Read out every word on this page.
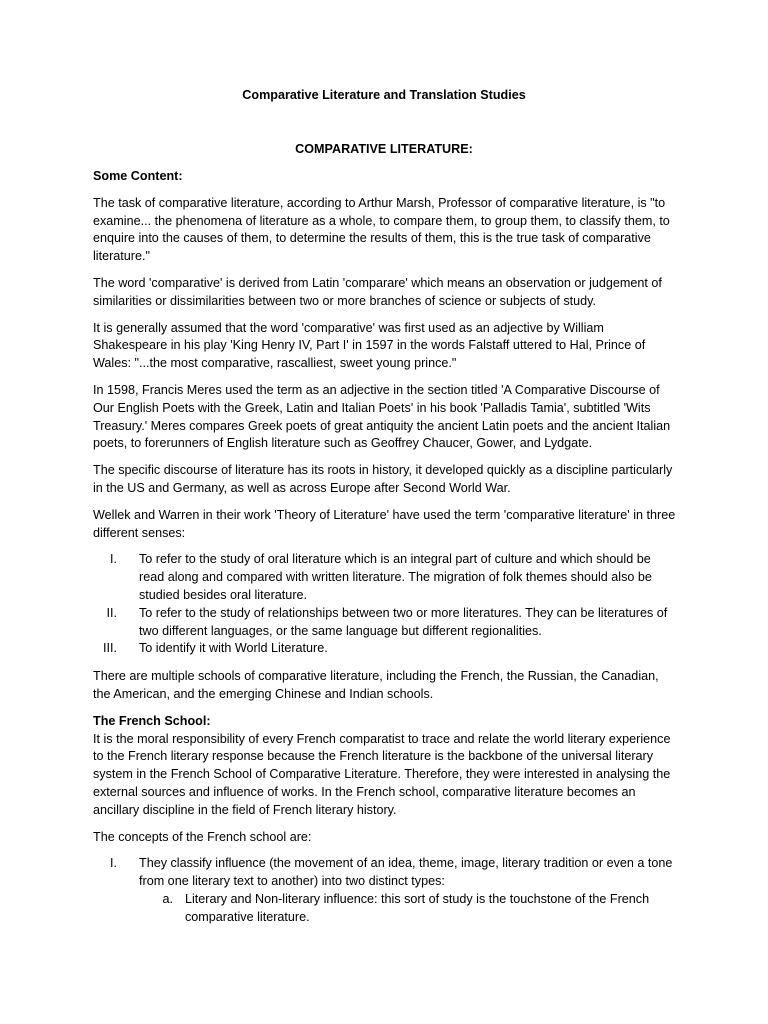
Comparative Literature and Translation Studies
COMPARATIVE LITERATURE:
Some Content:

The task of comparative literature, according to Arthur Marsh, Professor of comparative literature, is "to examine... the phenomena of literature as a whole, to compare them, to group them, to classify them, to enquire into the causes of them, to determine the results of them, this is the true task of comparative literature."

The word 'comparative' is derived from Latin 'comparare' which means an observation or judgement of similarities or dissimilarities between two or more branches of science or subjects of study.

It is generally assumed that the word 'comparative' was first used as an adjective by William Shakespeare in his play 'King Henry IV, Part I' in 1597 in the words Falstaff uttered to Hal, Prince of Wales: "...the most comparative, rascalliest, sweet young prince."

In 1598, Francis Meres used the term as an adjective in the section titled 'A Comparative Discourse of Our English Poets with the Greek, Latin and Italian Poets' in his book 'Palladis Tamia', subtitled 'Wits Treasury.' Meres compares Greek poets of great antiquity the ancient Latin poets and the ancient Italian poets, to forerunners of English literature such as Geoffrey Chaucer, Gower, and Lydgate.

The specific discourse of literature has its roots in history, it developed quickly as a discipline particularly in the US and Germany, as well as across Europe after Second World War.

Wellek and Warren in their work 'Theory of Literature' have used the term 'comparative literature' in three different senses:

I. To refer to the study of oral literature which is an integral part of culture and which should be read along and compared with written literature. The migration of folk themes should also be studied besides oral literature.
II. To refer to the study of relationships between two or more literatures. They can be literatures of two different languages, or the same language but different regionalities.
III. To identify it with World Literature.

There are multiple schools of comparative literature, including the French, the Russian, the Canadian, the American, and the emerging Chinese and Indian schools.

The French School:
It is the moral responsibility of every French comparatist to trace and relate the world literary experience to the French literary response because the French literature is the backbone of the universal literary system in the French School of Comparative Literature. Therefore, they were interested in analysing the external sources and influence of works. In the French school, comparative literature becomes an ancillary discipline in the field of French literary history.

The concepts of the French school are:

I. They classify influence (the movement of an idea, theme, image, literary tradition or even a tone from one literary text to another) into two distinct types:
a. Literary and Non-literary influence: this sort of study is the touchstone of the French comparative literature.
